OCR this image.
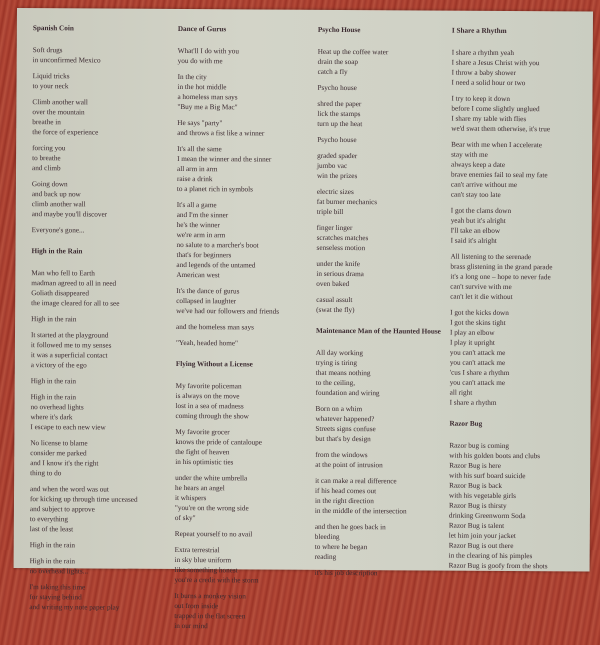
Spanish Coin
Soft drugs
in unconfirmed Mexico
Liquid tricks
to your neck
Climb another wall
over the mountain
breathe in
the force of experience
forcing you
to breathe
and climb
Going down
and back up now
climb another wall
and maybe you'll discover
Everyone's gone...
High in the Rain
Man who fell to Earth
madman agreed to all in need
Goliath disappeared
the image cleared for all to see
High in the rain
It started at the playground
it followed me to my senses
it was a superficial contact
a victory of the ego
High in the rain
High in the rain
no overhead lights
where it's dark
I escape to each new view
No license to blame
consider me parked
and I know it's the right
thing to do
and when the word was out
for kicking up through time unceased
and subject to approve
to everything
last of the least
High in the rain
High in the rain
no overhead lights...
I'm taking this time
for staying behind
and writing my note paper play
Dance of Gurus
What'll I do with you
you do with me
In the city
in the hot middle
a homeless man says
"Buy me a Big Mac"
He says "party"
and throws a fist like a winner
It's all the same
I mean the winner and the sinner
all arm in arm
raise a drink
to a planet rich in symbols
It's all a game
and I'm the sinner
he's the winner
we're arm in arm
no salute to a marcher's boot
that's for beginners
and legends of the untamed
American west
It's the dance of gurus
collapsed in laughter
we've had our followers and friends
and the homeless man says
"Yeah, headed home"
Flying Without a License
My favorite policeman
is always on the move
lost in a sea of madness
coming through the show
My favorite grocer
knows the pride of cantaloupe
the fight of heaven
in his optimistic ties
under the white umbrella
he hears an angel
it whispers
"you're on the wrong side
of sky"
Repeat yourself to no avail
Extra terrestrial
in sky blue uniform
like something honest
you're a credit with the storm
It burns a monkey vision
out from inside
trapped in the flat screen
in our mind
Psycho House
Heat up the coffee water
drain the soap
catch a fly
Psycho house
shred the paper
lick the stamps
turn up the heat
Psycho house
graded spader
jumbo vac
win the prizes
electric sizes
fat burner mechanics
triple bill
finger linger
scratches matches
senseless motion
under the knife
in serious drama
oven baked
casual assult
(swat the fly)
Maintenance Man of the Haunted House
All day working
trying is tiring
that means nothing
to the ceiling,
foundation and wiring
Born on a whim
whatever happened?
Streets signs confuse
but that's by design
from the windows
at the point of intrusion
it can make a real difference
if his head comes out
in the right direction
in the middle of the intersection
and then he goes back in
bleeding
to where he began
reading
it's his job description
I Share a Rhythm
I share a rhythm yeah
I share a Jesus Christ with you
I throw a baby shower
I need a solid hour or two
I try to keep it down
before I come slightly unglued
I share my table with flies
we'd swat them otherwise, it's true
Bear with me when I accelerate
stay with me
always keep a date
brave enemies fail to seal my fate
can't arrive without me
can't stay too late
I got the clams down
yeah but it's alright
I'll take an elbow
I said it's alright
All listening to the serenade
brass glistening in the grand parade
it's a long one – hope to never fade
can't survive with me
can't let it die without
I got the kicks down
I got the skins tight
I play an elbow
I play it upright
you can't attack me
you can't attack me
'cus I share a rhythm
you can't attack me
all right
I share a rhythm
Razor Bug
Razor bug is coming
with his golden boots and clubs
Razor Bug is here
with his surf board suicide
Razor Bug is back
with his vegetable girls
Razor Bug is thirsty
drinking Greenworm Soda
Razor Bug is talent
let him join your jacket
Razor Bug is out there
in the clearing of his pimples
Razor Bug is goofy from the shots
